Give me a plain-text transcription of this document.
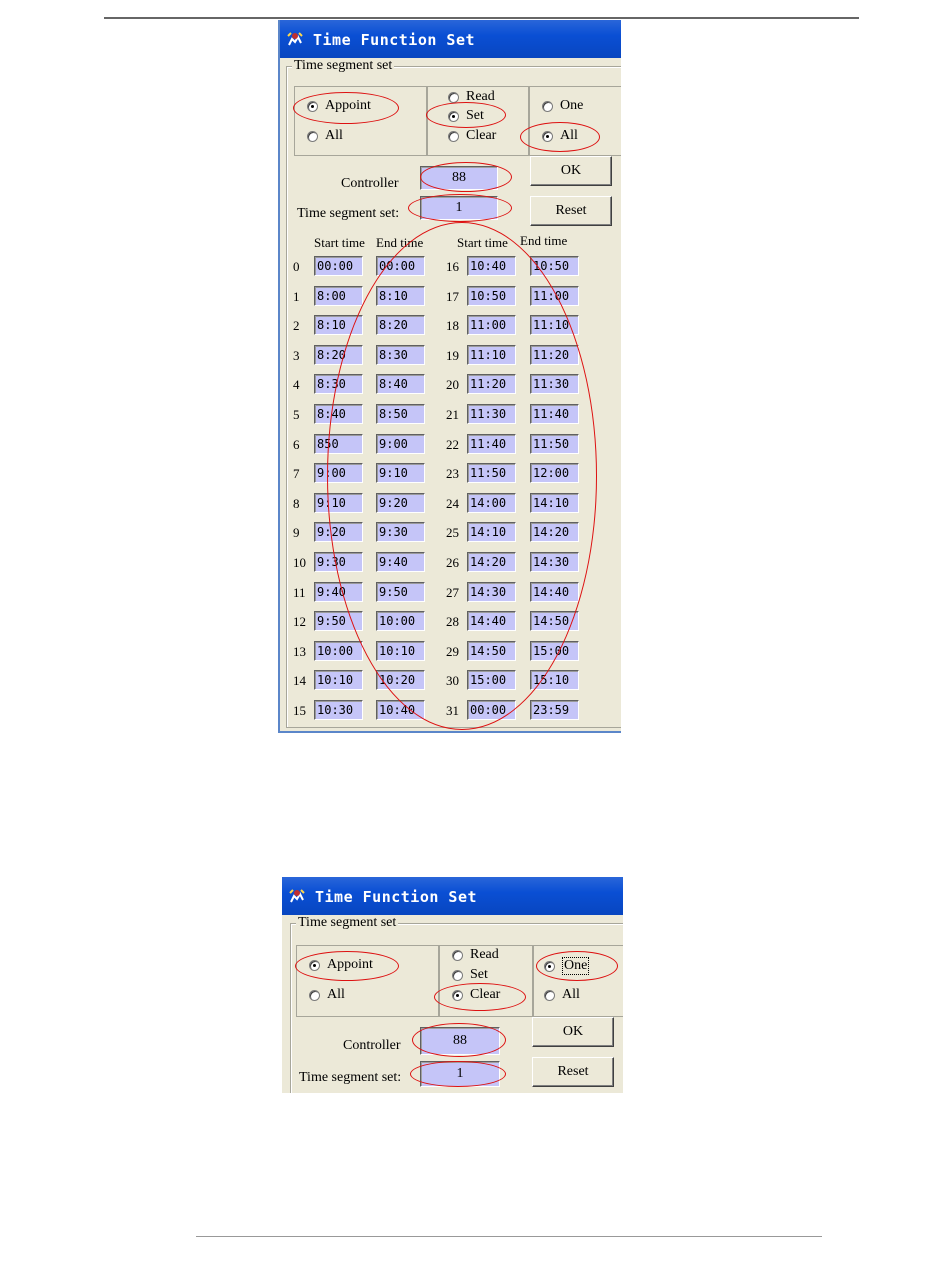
Time Function Set
Time segment set
Appoint
All
Read
Set
Clear
One
All
OK
Reset
Controller	88
Time segment set:	1
Start time End time	Start time End time
0	00:00	00:00
1	8:00	8:10
2	8:10	8:20
3	8:20	8:30
4	8:30	8:40
5	8:40	8:50
6	850	9:00
7	9:00	9:10
8	9:10	9:20
9	9:20	9:30
10 9:30	9:40
11 9:40	9:50
12 9:50	10:00
13 10:00	10:10
14 10:10	10:20
15 10:30	10:40
16 10:40	10:50
17 10:50	11:00
18 11:00	11:10
19 11:10	11:20
20 11:20	11:30
21 11:30	11:40
22 11:40	11:50
23 11:50	12:00
24 14:00	14:10
25 14:10	14:20
26 14:20	14:30
27 14:30	14:40
28 14:40	14:50
29 14:50	15:00
30 15:00	15:10
31 00:00	23:59
Time Function Set
Time segment set
Appoint
All
Read
Set
Clear
One
All
OK
Reset
Controller	88
Time segment set:	1
